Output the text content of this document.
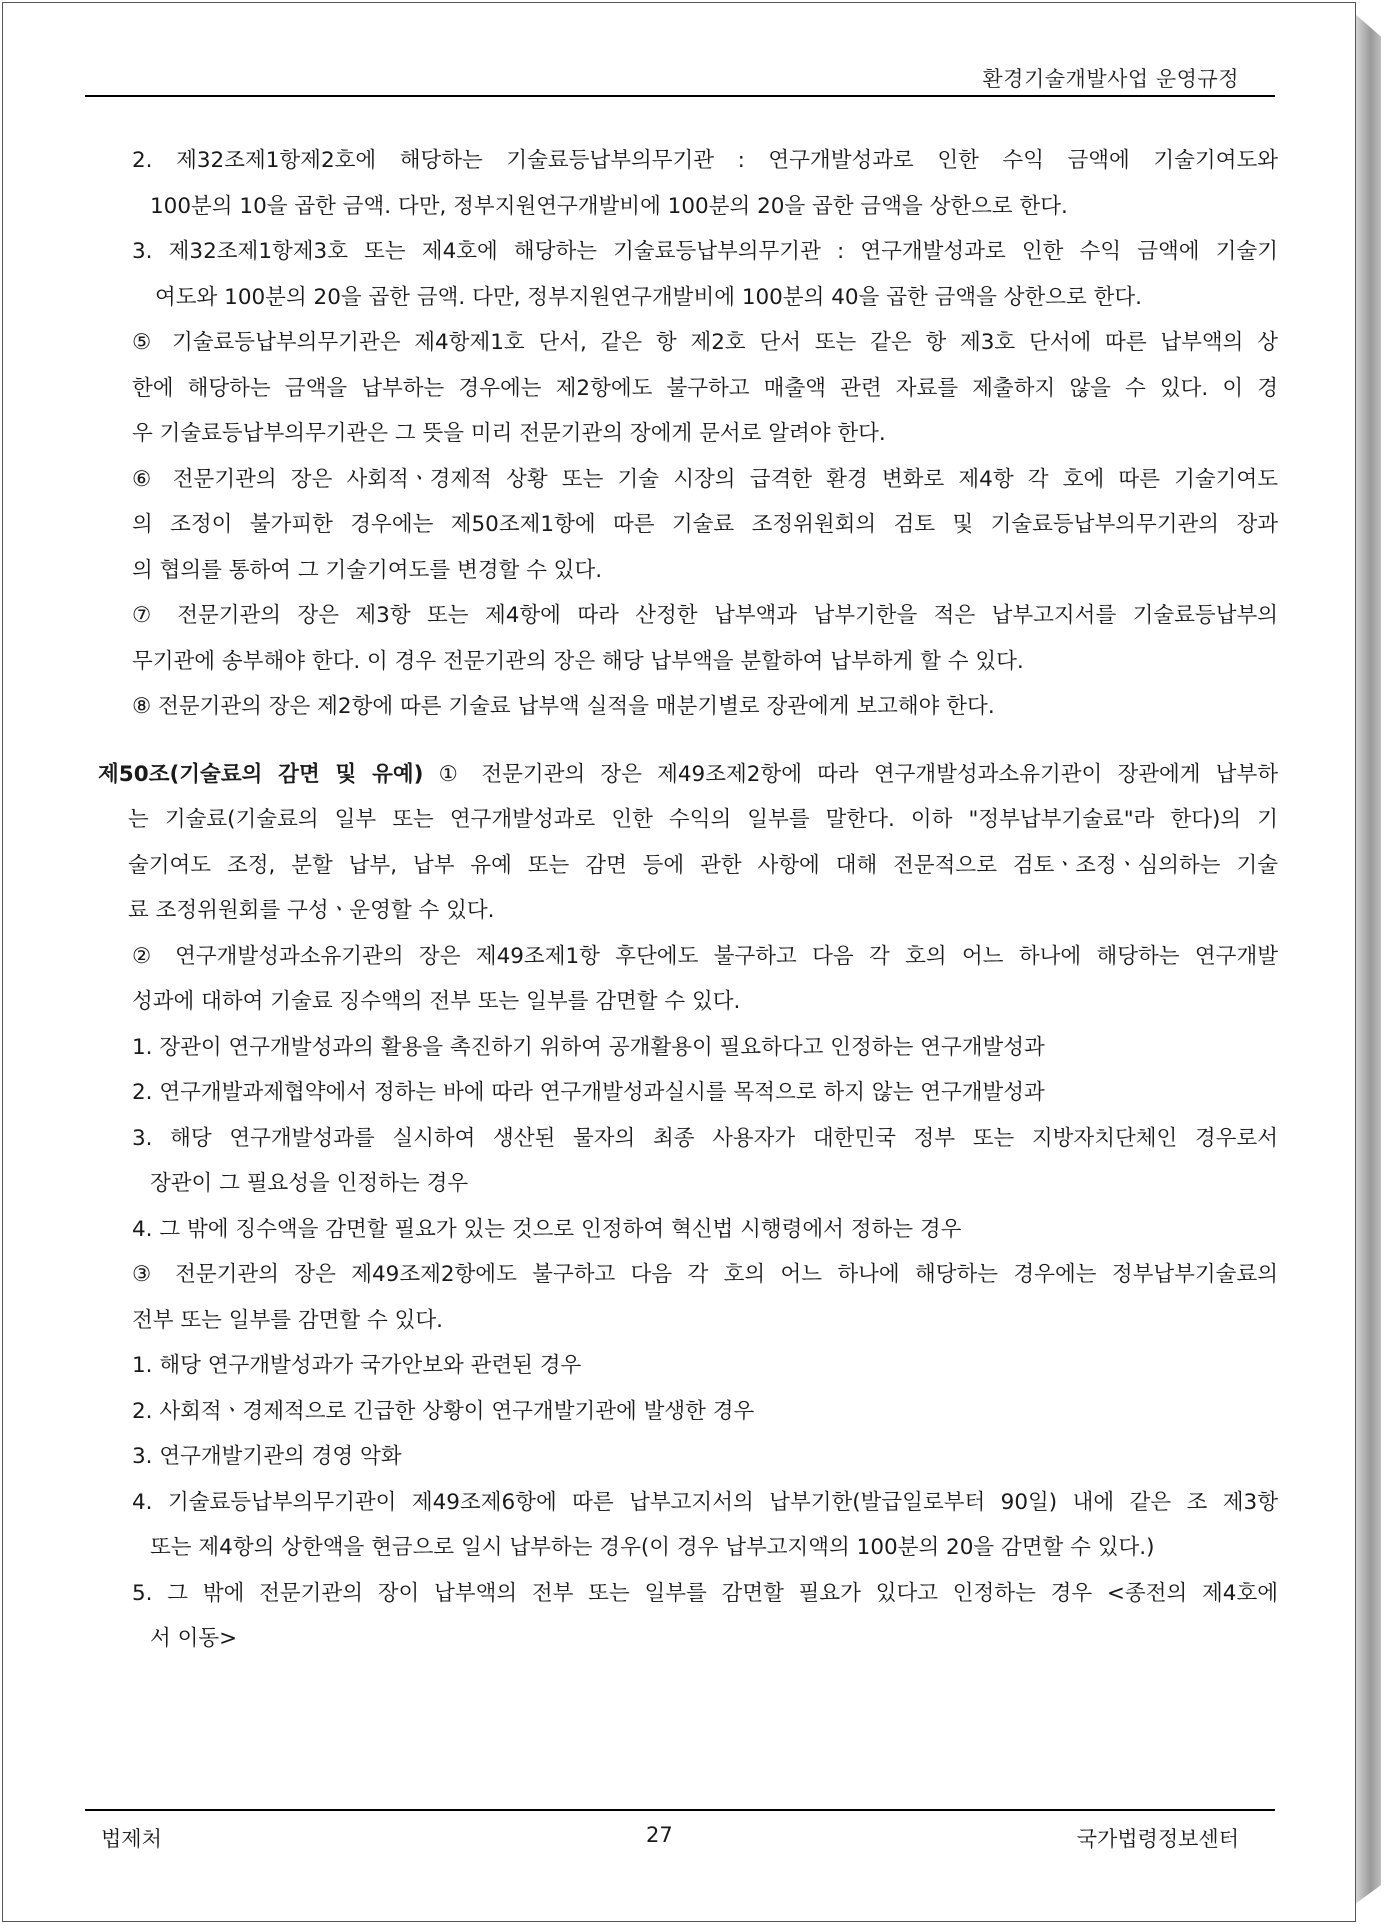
환경기술개발사업 운영규정
2. 제32조제1항제2호에 해당하는 기술료등납부의무기관 : 연구개발성과로 인한 수익 금액에 기술기여도와
100분의 10을 곱한 금액. 다만, 정부지원연구개발비에 100분의 20을 곱한 금액을 상한으로 한다.
3. 제32조제1항제3호 또는 제4호에 해당하는 기술료등납부의무기관 : 연구개발성과로 인한 수익 금액에 기술기
여도와 100분의 20을 곱한 금액. 다만, 정부지원연구개발비에 100분의 40을 곱한 금액을 상한으로 한다.
⑤ 기술료등납부의무기관은 제4항제1호 단서, 같은 항 제2호 단서 또는 같은 항 제3호 단서에 따른 납부액의 상
한에 해당하는 금액을 납부하는 경우에는 제2항에도 불구하고 매출액 관련 자료를 제출하지 않을 수 있다. 이 경
우 기술료등납부의무기관은 그 뜻을 미리 전문기관의 장에게 문서로 알려야 한다.
⑥ 전문기관의 장은 사회적ㆍ경제적 상황 또는 기술 시장의 급격한 환경 변화로 제4항 각 호에 따른 기술기여도
의 조정이 불가피한 경우에는 제50조제1항에 따른 기술료 조정위원회의 검토 및 기술료등납부의무기관의 장과
의 협의를 통하여 그 기술기여도를 변경할 수 있다.
⑦ 전문기관의 장은 제3항 또는 제4항에 따라 산정한 납부액과 납부기한을 적은 납부고지서를 기술료등납부의
무기관에 송부해야 한다. 이 경우 전문기관의 장은 해당 납부액을 분할하여 납부하게 할 수 있다.
⑧ 전문기관의 장은 제2항에 따른 기술료 납부액 실적을 매분기별로 장관에게 보고해야 한다.
제50조(기술료의 감면 및 유예) ① 전문기관의 장은 제49조제2항에 따라 연구개발성과소유기관이 장관에게 납부하
는 기술료(기술료의 일부 또는 연구개발성과로 인한 수익의 일부를 말한다. 이하 "정부납부기술료"라 한다)의 기
술기여도 조정, 분할 납부, 납부 유예 또는 감면 등에 관한 사항에 대해 전문적으로 검토ㆍ조정ㆍ심의하는 기술
료 조정위원회를 구성ㆍ운영할 수 있다.
② 연구개발성과소유기관의 장은 제49조제1항 후단에도 불구하고 다음 각 호의 어느 하나에 해당하는 연구개발
성과에 대하여 기술료 징수액의 전부 또는 일부를 감면할 수 있다.
1. 장관이 연구개발성과의 활용을 촉진하기 위하여 공개활용이 필요하다고 인정하는 연구개발성과
2. 연구개발과제협약에서 정하는 바에 따라 연구개발성과실시를 목적으로 하지 않는 연구개발성과
3. 해당 연구개발성과를 실시하여 생산된 물자의 최종 사용자가 대한민국 정부 또는 지방자치단체인 경우로서
장관이 그 필요성을 인정하는 경우
4. 그 밖에 징수액을 감면할 필요가 있는 것으로 인정하여 혁신법 시행령에서 정하는 경우
③ 전문기관의 장은 제49조제2항에도 불구하고 다음 각 호의 어느 하나에 해당하는 경우에는 정부납부기술료의
전부 또는 일부를 감면할 수 있다.
1. 해당 연구개발성과가 국가안보와 관련된 경우
2. 사회적ㆍ경제적으로 긴급한 상황이 연구개발기관에 발생한 경우
3. 연구개발기관의 경영 악화
4. 기술료등납부의무기관이 제49조제6항에 따른 납부고지서의 납부기한(발급일로부터 90일) 내에 같은 조 제3항
또는 제4항의 상한액을 현금으로 일시 납부하는 경우(이 경우 납부고지액의 100분의 20을 감면할 수 있다.)
5. 그 밖에 전문기관의 장이 납부액의 전부 또는 일부를 감면할 필요가 있다고 인정하는 경우 <종전의 제4호에
서 이동>
법제처	27	국가법령정보센터
